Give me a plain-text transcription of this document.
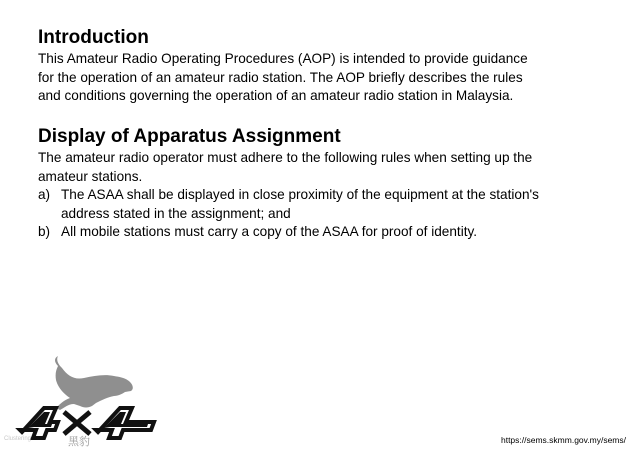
Introduction

This Amateur Radio Operating Procedures (AOP) is intended to provide guidance
for the operation of an amateur radio station. The AOP briefly describes the rules
and conditions governing the operation of an amateur radio station in Malaysia.

Display of Apparatus Assignment

The amateur radio operator must adhere to the following rules when setting up the
amateur stations.

a) The ASAA shall be displayed in close proximity of the equipment at the station's
address stated in the assignment; and
b) All mobile stations must carry a copy of the ASAA for proof of identity.
Clustering	黑豹	https://sems.skmm.gov.my/sems/
